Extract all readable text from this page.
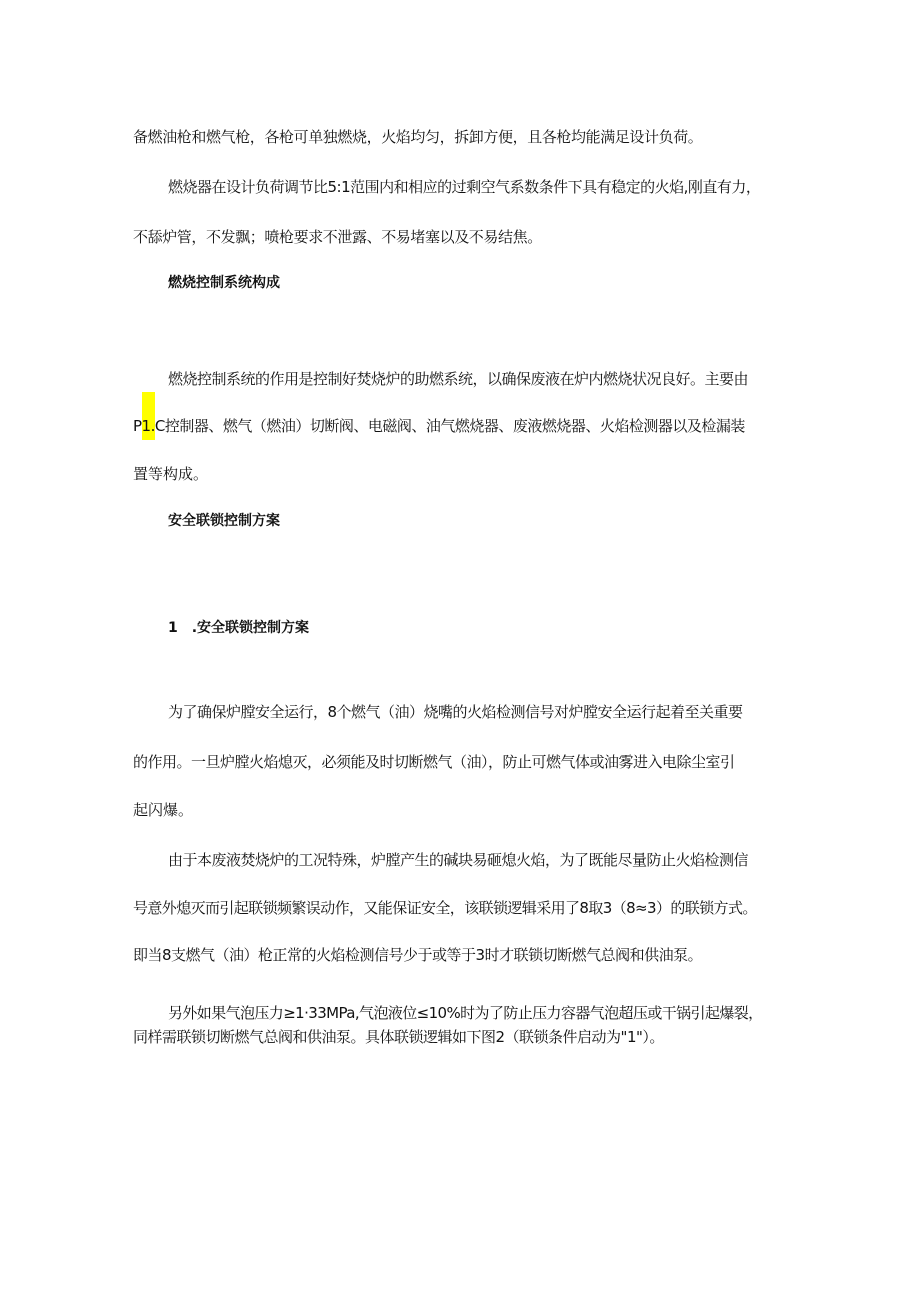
备燃油枪和燃气枪，各枪可单独燃烧，火焰均匀，拆卸方便，且各枪均能满足设计负荷。
燃烧器在设计负荷调节比5:1范围内和相应的过剩空气系数条件下具有稳定的火焰,刚直有力，
不舔炉管，不发飘；喷枪要求不泄露、不易堵塞以及不易结焦。
燃烧控制系统构成
燃烧控制系统的作用是控制好焚烧炉的助燃系统，以确保废液在炉内燃烧状况良好。主要由
P1.C控制器、燃气（燃油）切断阀、电磁阀、油气燃烧器、废液燃烧器、火焰检测器以及检漏装
置等构成。
安全联锁控制方案
1　.安全联锁控制方案
为了确保炉膛安全运行，8个燃气（油）烧嘴的火焰检测信号对炉膛安全运行起着至关重要
的作用。一旦炉膛火焰熄灭，必须能及时切断燃气（油），防止可燃气体或油雾进入电除尘室引
起闪爆。
由于本废液焚烧炉的工况特殊，炉膛产生的碱块易砸熄火焰，为了既能尽量防止火焰检测信
号意外熄灭而引起联锁频繁误动作，又能保证安全，该联锁逻辑采用了8取3（8≈3）的联锁方式。
即当8支燃气（油）枪正常的火焰检测信号少于或等于3时才联锁切断燃气总阀和供油泵。
另外如果气泡压力≥1·33MPa,气泡液位≤10%时为了防止压力容器气泡超压或干锅引起爆裂，
同样需联锁切断燃气总阀和供油泵。具体联锁逻辑如下图2（联锁条件启动为"1"）。
